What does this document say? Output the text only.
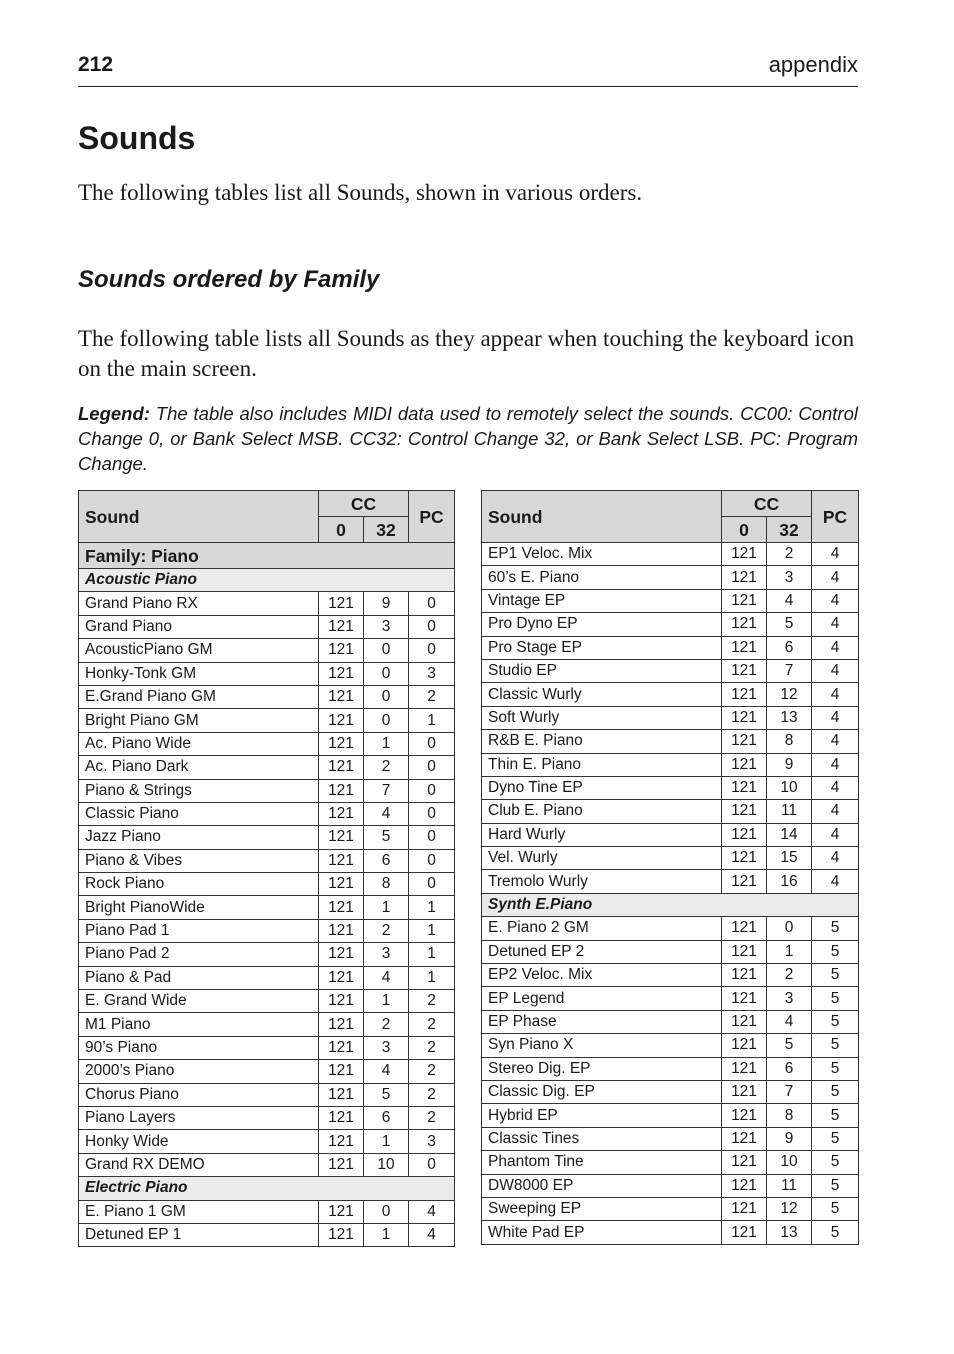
212	appendix
Sounds

The following tables list all Sounds, shown in various orders.

Sounds ordered by Family

The following table lists all Sounds as they appear when touching the keyboard icon on the main screen.

Legend: The table also includes MIDI data used to remotely select the sounds. CC00: Control Change 0, or Bank Select MSB. CC32: Control Change 32, or Bank Select LSB. PC: Program Change.

Sound	CC		PC
	0	32	
Family: Piano			
Acoustic Piano			
Grand Piano RX	121	9	0
Grand Piano	121	3	0
AcousticPiano GM	121	0	0
Honky-Tonk GM	121	0	3
E.Grand Piano GM	121	0	2
Bright Piano GM	121	0	1
Ac. Piano Wide	121	1	0
Ac. Piano Dark	121	2	0
Piano & Strings	121	7	0
Classic Piano	121	4	0
Jazz Piano	121	5	0
Piano & Vibes	121	6	0
Rock Piano	121	8	0
Bright PianoWide	121	1	1
Piano Pad 1	121	2	1
Piano Pad 2	121	3	1
Piano & Pad	121	4	1
E. Grand Wide	121	1	2
M1 Piano	121	2	2
90’s Piano	121	3	2
2000’s Piano	121	4	2
Chorus Piano	121	5	2
Piano Layers	121	6	2
Honky Wide	121	1	3
Grand RX DEMO	121	10	0
Electric Piano			
E. Piano 1 GM	121	0	4
Detuned EP 1	121	1	4
Sound	CC		PC
	0	32	
EP1 Veloc. Mix	121	2	4
60’s E. Piano	121	3	4
Vintage EP	121	4	4
Pro Dyno EP	121	5	4
Pro Stage EP	121	6	4
Studio EP	121	7	4
Classic Wurly	121	12	4
Soft Wurly	121	13	4
R&B E. Piano	121	8	4
Thin E. Piano	121	9	4
Dyno Tine EP	121	10	4
Club E. Piano	121	11	4
Hard Wurly	121	14	4
Vel. Wurly	121	15	4
Tremolo Wurly	121	16	4
Synth E.Piano			
E. Piano 2 GM	121	0	5
Detuned EP 2	121	1	5
EP2 Veloc. Mix	121	2	5
EP Legend	121	3	5
EP Phase	121	4	5
Syn Piano X	121	5	5
Stereo Dig. EP	121	6	5
Classic Dig. EP	121	7	5
Hybrid EP	121	8	5
Classic Tines	121	9	5
Phantom Tine	121	10	5
DW8000 EP	121	11	5
Sweeping EP	121	12	5
White Pad EP	121	13	5
